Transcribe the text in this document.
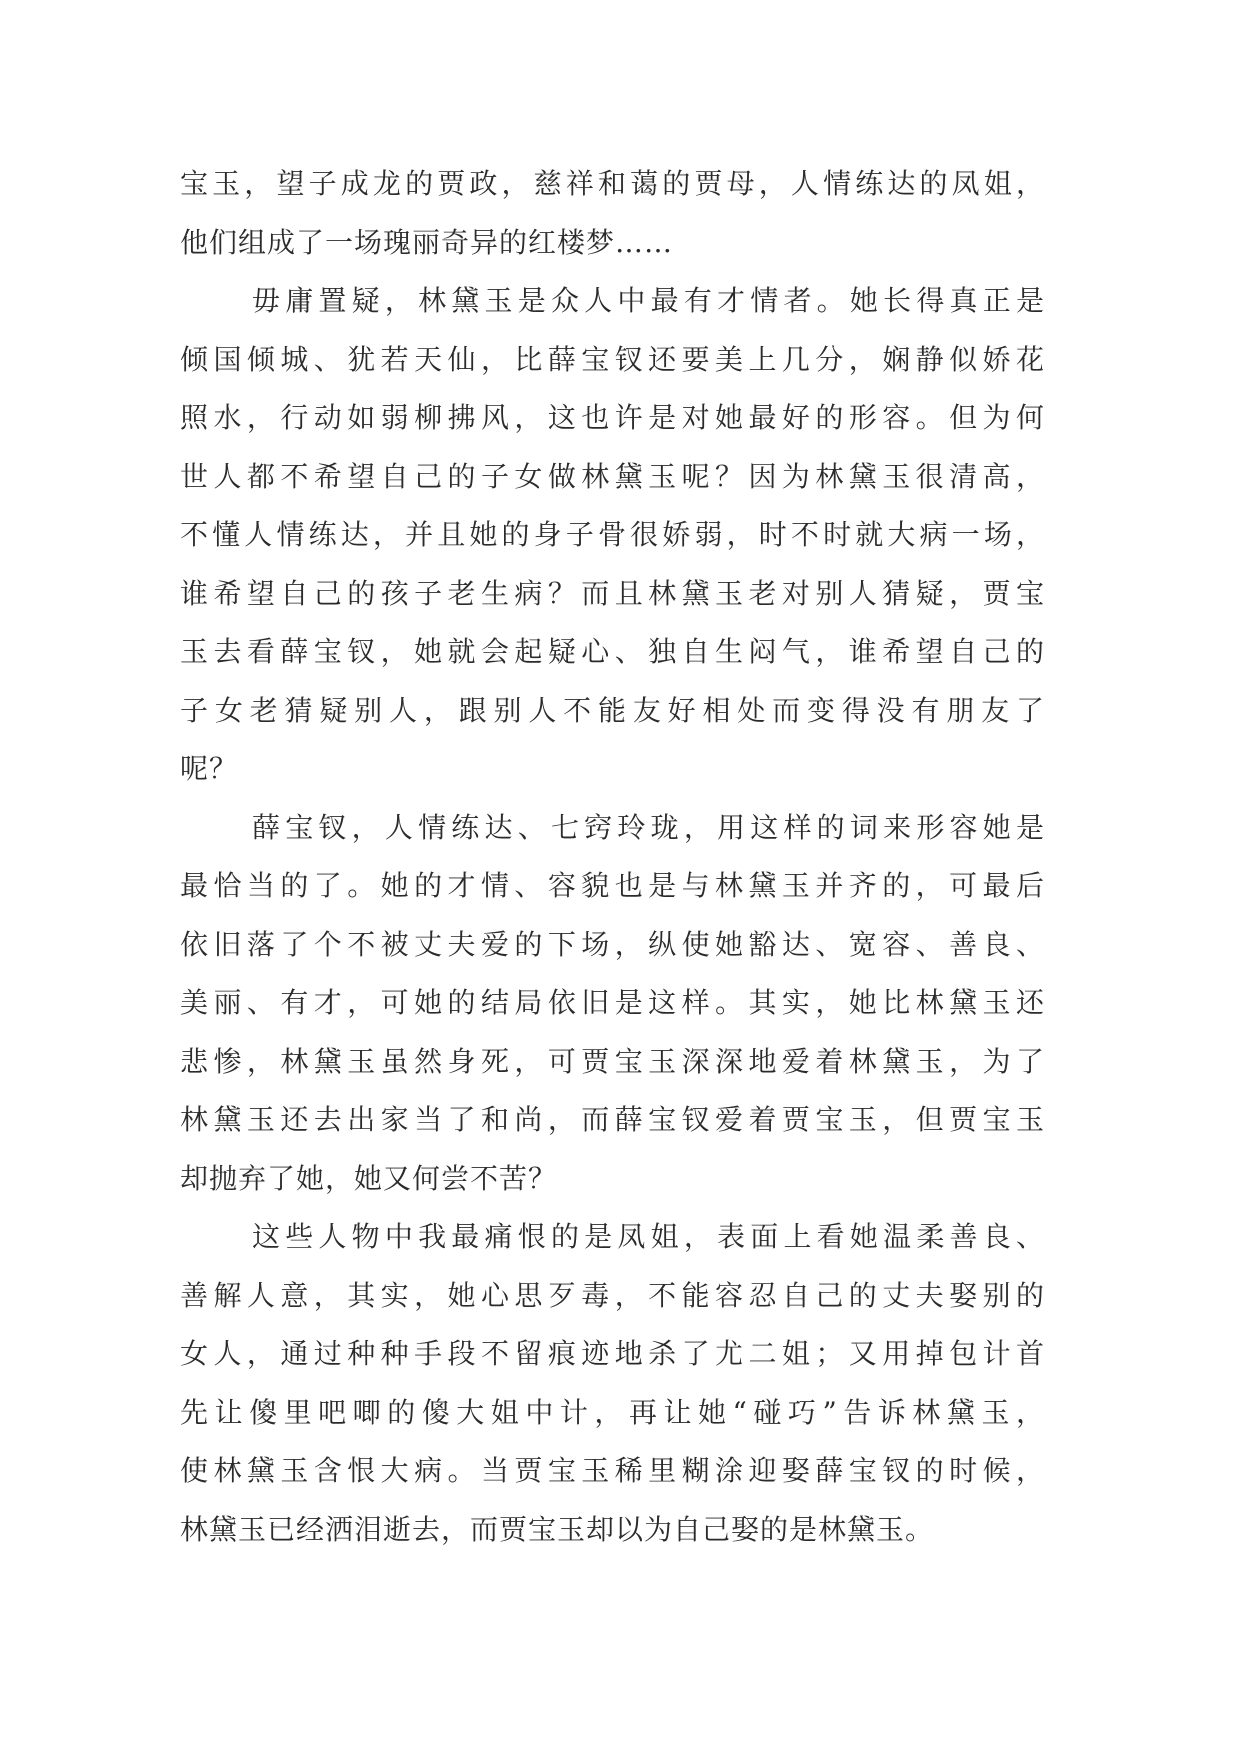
宝玉，望子成龙的贾政，慈祥和蔼的贾母，人情练达的凤姐，
他们组成了一场瑰丽奇异的红楼梦……
毋庸置疑，林黛玉是众人中最有才情者。她长得真正是
倾国倾城、犹若天仙，比薛宝钗还要美上几分，娴静似娇花
照水，行动如弱柳拂风，这也许是对她最好的形容。但为何
世人都不希望自己的子女做林黛玉呢？因为林黛玉很清高，
不懂人情练达，并且她的身子骨很娇弱，时不时就大病一场，
谁希望自己的孩子老生病？而且林黛玉老对别人猜疑，贾宝
玉去看薛宝钗，她就会起疑心、独自生闷气，谁希望自己的
子女老猜疑别人，跟别人不能友好相处而变得没有朋友了
呢？
薛宝钗，人情练达、七窍玲珑，用这样的词来形容她是
最恰当的了。她的才情、容貌也是与林黛玉并齐的，可最后
依旧落了个不被丈夫爱的下场，纵使她豁达、宽容、善良、
美丽、有才，可她的结局依旧是这样。其实，她比林黛玉还
悲惨，林黛玉虽然身死，可贾宝玉深深地爱着林黛玉，为了
林黛玉还去出家当了和尚，而薛宝钗爱着贾宝玉，但贾宝玉
却抛弃了她，她又何尝不苦？
这些人物中我最痛恨的是凤姐，表面上看她温柔善良、
善解人意，其实，她心思歹毒，不能容忍自己的丈夫娶别的
女人，通过种种手段不留痕迹地杀了尤二姐；又用掉包计首
先让傻里吧唧的傻大姐中计，再让她“碰巧”告诉林黛玉，
使林黛玉含恨大病。当贾宝玉稀里糊涂迎娶薛宝钗的时候，
林黛玉已经洒泪逝去，而贾宝玉却以为自己娶的是林黛玉。
